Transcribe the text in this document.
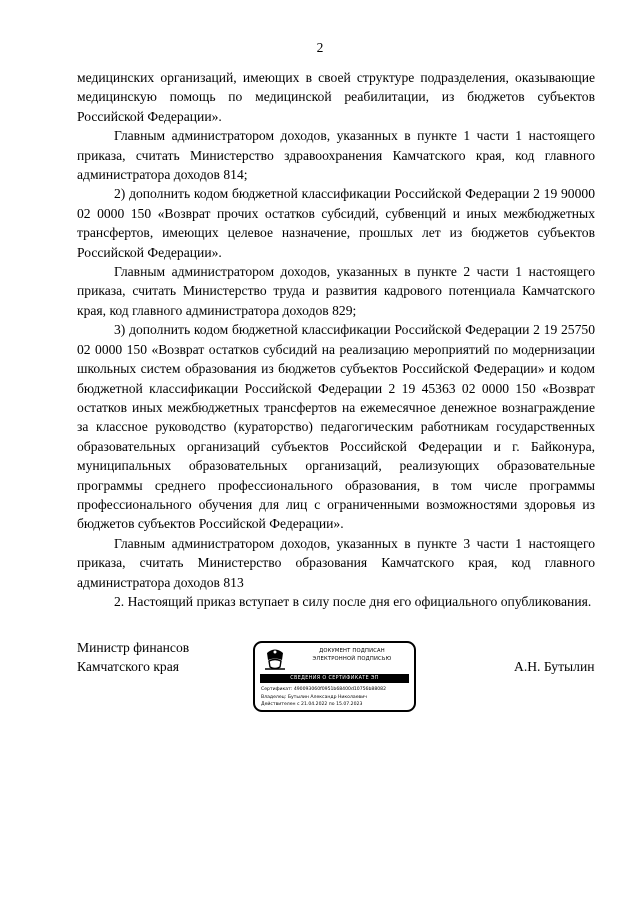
2

медицинских организаций, имеющих в своей структуре подразделения, оказывающие медицинскую помощь по медицинской реабилитации, из бюджетов субъектов Российской Федерации».

Главным администратором доходов, указанных в пункте 1 части 1 настоящего приказа, считать Министерство здравоохранения Камчатского края, код главного администратора доходов 814;

2) дополнить кодом бюджетной классификации Российской Федерации 2 19 90000 02 0000 150 «Возврат прочих остатков субсидий, субвенций и иных межбюджетных трансфертов, имеющих целевое назначение, прошлых лет из бюджетов субъектов Российской Федерации».

Главным администратором доходов, указанных в пункте 2 части 1 настоящего приказа, считать Министерство труда и развития кадрового потенциала Камчатского края, код главного администратора доходов 829;

3) дополнить кодом бюджетной классификации Российской Федерации 2 19 25750 02 0000 150 «Возврат остатков субсидий на реализацию мероприятий по модернизации школьных систем образования из бюджетов субъектов Российской Федерации» и кодом бюджетной классификации Российской Федерации 2 19 45363 02 0000 150 «Возврат остатков иных межбюджетных трансфертов на ежемесячное денежное вознаграждение за классное руководство (кураторство) педагогическим работникам государственных образовательных организаций субъектов Российской Федерации и г. Байконура, муниципальных образовательных организаций, реализующих образовательные программы среднего профессионального образования, в том числе программы профессионального обучения для лиц с ограниченными возможностями здоровья из бюджетов субъектов Российской Федерации».

Главным администратором доходов, указанных в пункте 3 части 1 настоящего приказа, считать Министерство образования Камчатского края, код главного администратора доходов 813

2. Настоящий приказ вступает в силу после дня его официального опубликования.

Министр финансов
Камчатского края
ДОКУМЕНТ ПОДПИСАН
ЭЛЕКТРОННОЙ ПОДПИСЬЮ
СВЕДЕНИЯ О СЕРТИФИКАТЕ ЭП
Сертификат: 490093060f0951b68400d10756b88082
Владелец: Бутылин Александр Николаевич
Действителен с 21.04.2022 по 15.07.2023
А.Н. Бутылин
